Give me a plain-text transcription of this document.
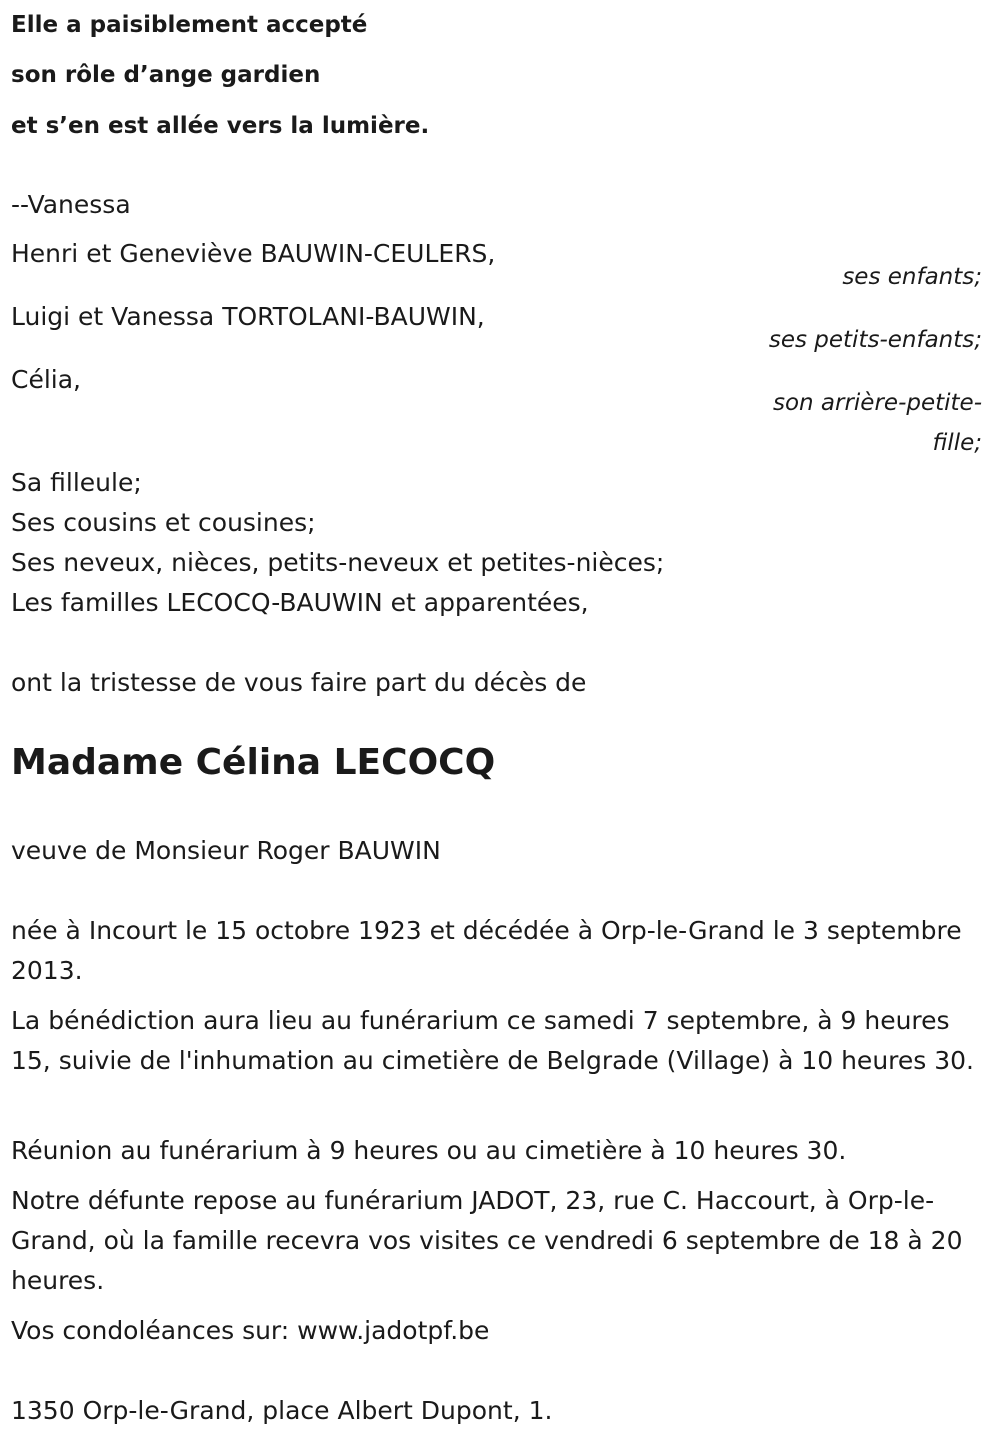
Elle a paisiblement accepté
son rôle d’ange gardien
et s’en est allée vers la lumière.
--Vanessa
Henri et Geneviève BAUWIN-CEULERS,
ses enfants;
Luigi et Vanessa TORTOLANI-BAUWIN,
ses petits-enfants;
Célia,
son arrière-petite-
fille;
Sa filleule;
Ses cousins et cousines;
Ses neveux, nièces, petits-neveux et petites-nièces;
Les familles LECOCQ-BAUWIN et apparentées,
ont la tristesse de vous faire part du décès de
Madame Célina LECOCQ
veuve de Monsieur Roger BAUWIN
née à Incourt le 15 octobre 1923 et décédée à Orp-le-Grand le 3 septembre 2013.
La bénédiction aura lieu au funérarium ce samedi 7 septembre, à 9 heures 15, suivie de l'inhumation au cimetière de Belgrade (Village) à 10 heures 30.
Réunion au funérarium à 9 heures ou au cimetière à 10 heures 30.
Notre défunte repose au funérarium JADOT, 23, rue C. Haccourt, à Orp-le-Grand, où la famille recevra vos visites ce vendredi 6 septembre de 18 à 20 heures.
Vos condoléances sur: www.jadotpf.be
1350 Orp-le-Grand, place Albert Dupont, 1.
